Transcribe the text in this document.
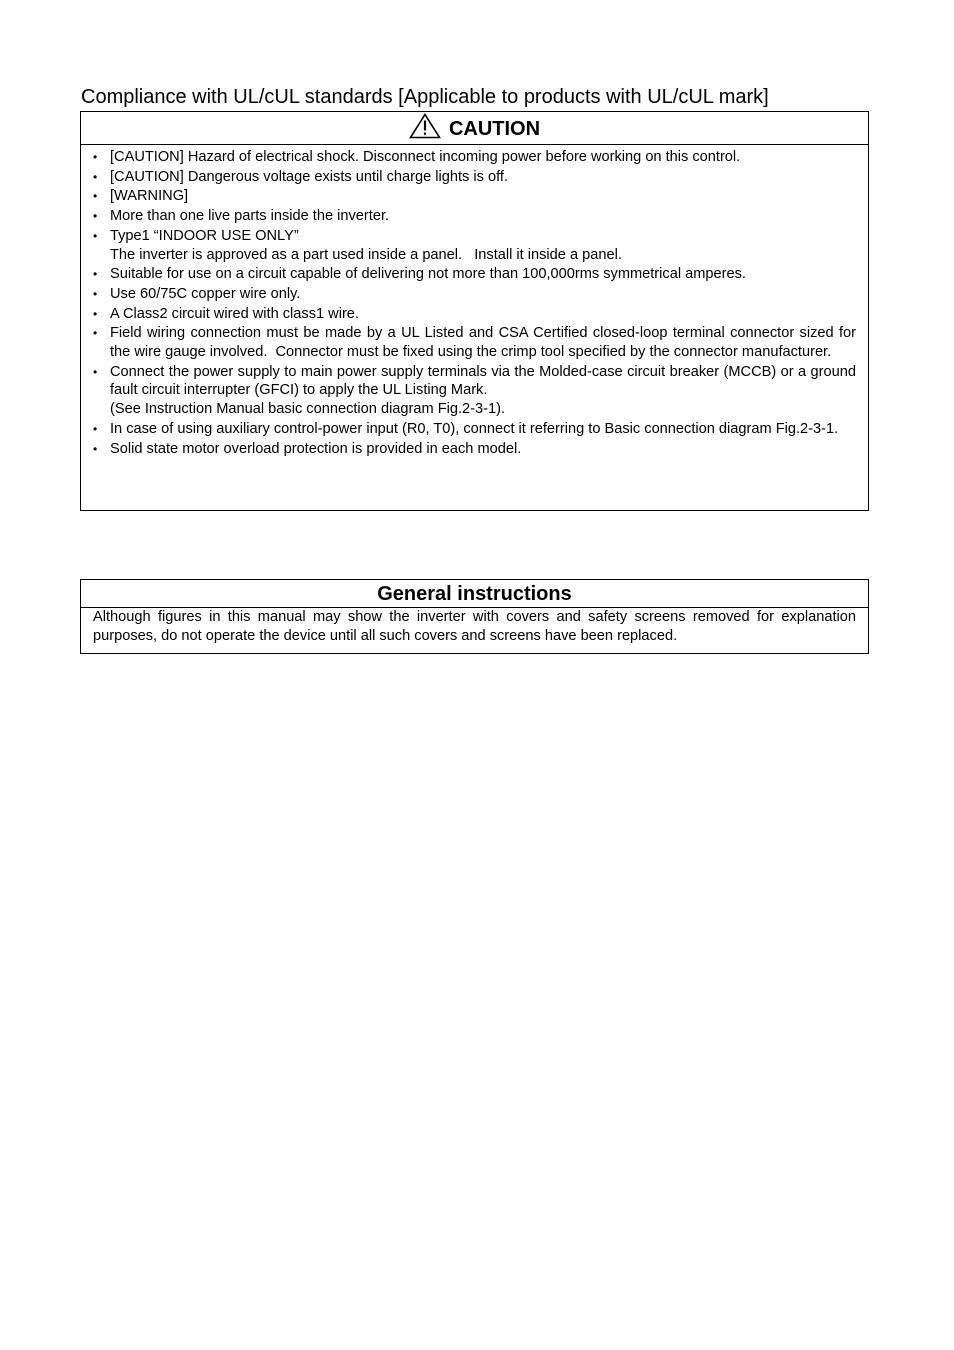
Compliance with UL/cUL standards [Applicable to products with UL/cUL mark]
CAUTION
• [CAUTION] Hazard of electrical shock. Disconnect incoming power before working on this control.
• [CAUTION] Dangerous voltage exists until charge lights is off.
• [WARNING]
• More than one live parts inside the inverter.
• Type1 “INDOOR USE ONLY”
The inverter is approved as a part used inside a panel.   Install it inside a panel.
• Suitable for use on a circuit capable of delivering not more than 100,000rms symmetrical amperes.
• Use 60/75C copper wire only.
• A Class2 circuit wired with class1 wire.
• Field wiring connection must be made by a UL Listed and CSA Certified closed-loop terminal connector sized for the wire gauge involved.  Connector must be fixed using the crimp tool specified by the connector manufacturer.
• Connect the power supply to main power supply terminals via the Molded-case circuit breaker (MCCB) or a ground fault circuit interrupter (GFCI) to apply the UL Listing Mark.
(See Instruction Manual basic connection diagram Fig.2-3-1).
• In case of using auxiliary control-power input (R0, T0), connect it referring to Basic connection diagram Fig.2-3-1.
• Solid state motor overload protection is provided in each model.
General instructions
Although figures in this manual may show the inverter with covers and safety screens removed for explanation purposes, do not operate the device until all such covers and screens have been replaced.
